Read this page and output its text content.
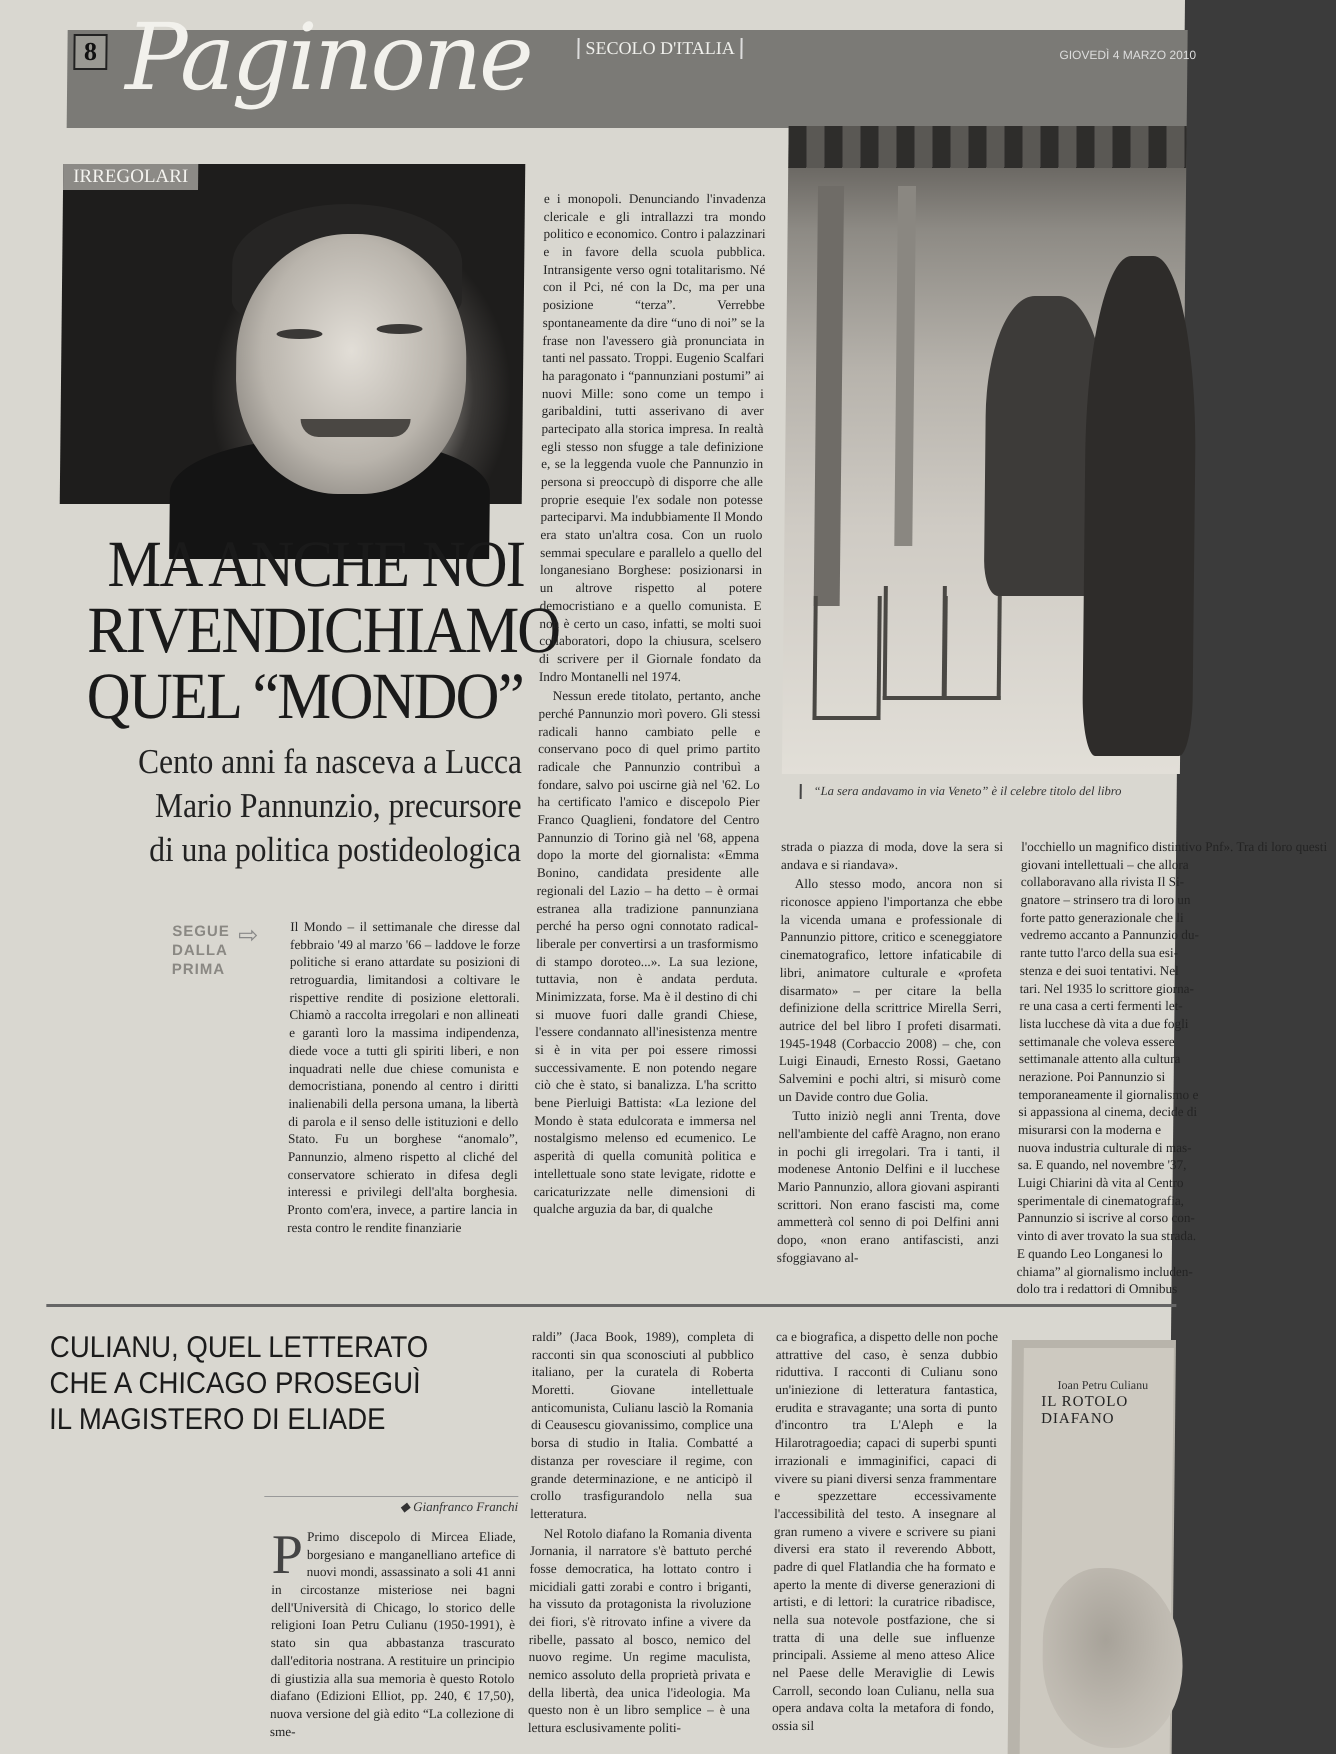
8 Paginone	SECOLO D'ITALIA	GIOVEDÌ 4 MARZO 2010
IRREGOLARI
“La sera andavamo in via Veneto” è il celebre titolo del libro
MA ANCHE NOI
RIVENDICHIAMO
QUEL “MONDO”
Cento anni fa nasceva a Lucca
Mario Pannunzio, precursore
di una politica postideologica
SEGUE
DALLA
PRIMA
⇨ Il Mondo – il settimanale che diresse dal febbraio '49 al marzo '66 – laddove le forze politiche si erano attardate su posizioni di retroguardia, limitandosi a coltivare le rispettive rendite di posizione elettorali. Chiamò a raccolta irregolari e non allineati e garantì loro la massima indipendenza, diede voce a tutti gli spiriti liberi, e non inquadrati nelle due chiese comunista e democristiana, ponendo al centro i diritti inalienabili della persona umana, la libertà di parola e il senso delle istituzioni e dello Stato. Fu un borghese “anomalo”, Pannunzio, almeno rispetto al cliché del conservatore schierato in difesa degli interessi e privilegi dell'alta borghesia. Pronto com'era, invece, a partire lancia in resta contro le rendite finanziarie

e i monopoli. Denunciando l'invadenza clericale e gli intrallazzi tra mondo politico e economico. Contro i palazzinari e in favore della scuola pubblica. Intransigente verso ogni totalitarismo. Né con il Pci, né con la Dc, ma per una posizione “terza”. Verrebbe spontaneamente da dire “uno di noi” se la frase non l'avessero già pronunciata in tanti nel passato. Troppi. Eugenio Scalfari ha paragonato i “pannunziani postumi” ai nuovi Mille: sono come un tempo i garibaldini, tutti asserivano di aver partecipato alla storica impresa. In realtà egli stesso non sfugge a tale definizione e, se la leggenda vuole che Pannunzio in persona si preoccupò di disporre che alle proprie esequie l'ex sodale non potesse parteciparvi. Ma indubbiamente Il Mondo era stato un'altra cosa. Con un ruolo semmai speculare e parallelo a quello del longanesiano Borghese: posizionarsi in un altrove rispetto al potere democristiano e a quello comunista. E non è certo un caso, infatti, se molti suoi collaboratori, dopo la chiusura, scelsero di scrivere per il Giornale fondato da Indro Montanelli nel 1974.

Nessun erede titolato, pertanto, anche perché Pannunzio morì povero. Gli stessi radicali hanno cambiato pelle e conservano poco di quel primo partito radicale che Pannunzio contribuì a fondare, salvo poi uscirne già nel '62. Lo ha certificato l'amico e discepolo Pier Franco Quaglieni, fondatore del Centro Pannunzio di Torino già nel '68, appena dopo la morte del giornalista: «Emma Bonino, candidata presidente alle regionali del Lazio – ha detto – è ormai estranea alla tradizione pannunziana perché ha perso ogni connotato radical-liberale per convertirsi a un trasformismo di stampo doroteo...». La sua lezione, tuttavia, non è andata perduta. Minimizzata, forse. Ma è il destino di chi si muove fuori dalle grandi Chiese, l'essere condannato all'inesistenza mentre si è in vita per poi essere rimossi successivamente. E non potendo negare ciò che è stato, si banalizza. L'ha scritto bene Pierluigi Battista: «La lezione del Mondo è stata edulcorata e immersa nel nostalgismo melenso ed ecumenico. Le asperità di quella comunità politica e intellettuale sono state levigate, ridotte e caricaturizzate nelle dimensioni di qualche arguzia da bar, di qualche

strada o piazza di moda, dove la sera si andava e si riandava».

Allo stesso modo, ancora non si riconosce appieno l'importanza che ebbe la vicenda umana e professionale di Pannunzio pittore, critico e sceneggiatore cinematografico, lettore infaticabile di libri, animatore culturale e «profeta disarmato» – per citare la bella definizione della scrittrice Mirella Serri, autrice del bel libro I profeti disarmati. 1945-1948 (Corbaccio 2008) – che, con Luigi Einaudi, Ernesto Rossi, Gaetano Salvemini e pochi altri, si misurò come un Davide contro due Golia.

Tutto iniziò negli anni Trenta, dove nell'ambiente del caffè Aragno, non erano in pochi gli irregolari. Tra i tanti, il modenese Antonio Delfini e il lucchese Mario Pannunzio, allora giovani aspiranti scrittori. Non erano fascisti ma, come ammetterà col senno di poi Delfini anni dopo, «non erano antifascisti, anzi sfoggiavano al-

l'occhiello un magnifico distintivo Pnf». Tra di loro questi
giovani intellettuali – che allora
collaboravano alla rivista Il Si-
gnatore – strinsero tra di loro un
forte patto generazionale che li
vedremo accanto a Pannunzio du-
rante tutto l'arco della sua esi-
stenza e dei suoi tentativi. Nel
tari. Nel 1935 lo scrittore giorna-
re una casa a certi fermenti let-
lista lucchese dà vita a due fogli
settimanale che voleva essere
settimanale attento alla cultura
nerazione. Poi Pannunzio si
temporaneamente il giornalismo e
si appassiona al cinema, decide di
misurarsi con la moderna e
nuova industria culturale di mas-
sa. E quando, nel novembre '37,
Luigi Chiarini dà vita al Centro
sperimentale di cinematografia,
Pannunzio si iscrive al corso con-
vinto di aver trovato la sua strada.
E quando Leo Longanesi lo
chiama” al giornalismo includen-
dolo tra i redattori di Omnibus
CULIANU, QUEL LETTERATO
CHE A CHICAGO PROSEGUÌ
IL MAGISTERO DI ELIADE
◆ Gianfranco Franchi
P Primo discepolo di Mircea Eliade, borgesiano e manganelliano artefice di nuovi mondi, assassinato a soli 41 anni in circostanze misteriose nei bagni dell'Università di Chicago, lo storico delle religioni Ioan Petru Culianu (1950-1991), è stato sin qua abbastanza trascurato dall'editoria nostrana. A restituire un principio di giustizia alla sua memoria è questo Rotolo diafano (Edizioni Elliot, pp. 240, € 17,50), nuova versione del già edito “La collezione di sme-

raldi” (Jaca Book, 1989), completa di racconti sin qua sconosciuti al pubblico italiano, per la curatela di Roberta Moretti. Giovane intellettuale anticomunista, Culianu lasciò la Romania di Ceausescu giovanissimo, complice una borsa di studio in Italia. Combatté a distanza per rovesciare il regime, con grande determinazione, e ne anticipò il crollo trasfigurandolo nella sua letteratura.

Nel Rotolo diafano la Romania diventa Jornania, il narratore s'è battuto perché fosse democratica, ha lottato contro i micidiali gatti zorabi e contro i briganti, ha vissuto da protagonista la rivoluzione dei fiori, s'è ritrovato infine a vivere da ribelle, passato al bosco, nemico del nuovo regime. Un regime maculista, nemico assoluto della proprietà privata e della libertà, dea unica l'ideologia. Ma questo non è un libro semplice – è una lettura esclusivamente politi-

ca e biografica, a dispetto delle non poche attrattive del caso, è senza dubbio riduttiva. I racconti di Culianu sono un'iniezione di letteratura fantastica, erudita e stravagante; una sorta di punto d'incontro tra L'Aleph e la Hilarotragoedia; capaci di superbi spunti irrazionali e immaginifici, capaci di vivere su piani diversi senza frammentare e spezzettare eccessivamente l'accessibilità del testo. A insegnare al gran rumeno a vivere e scrivere su piani diversi era stato il reverendo Abbott, padre di quel Flatlandia che ha formato e aperto la mente di diverse generazioni di artisti, e di lettori: la curatrice ribadisce, nella sua notevole postfazione, che si tratta di una delle sue influenze principali. Assieme al meno atteso Alice nel Paese delle Meraviglie di Lewis Carroll, secondo loan Culianu, nella sua opera andava colta la metafora di fondo, ossia sil

Ioan Petru Culianu
IL ROTOLO DIAFANO
